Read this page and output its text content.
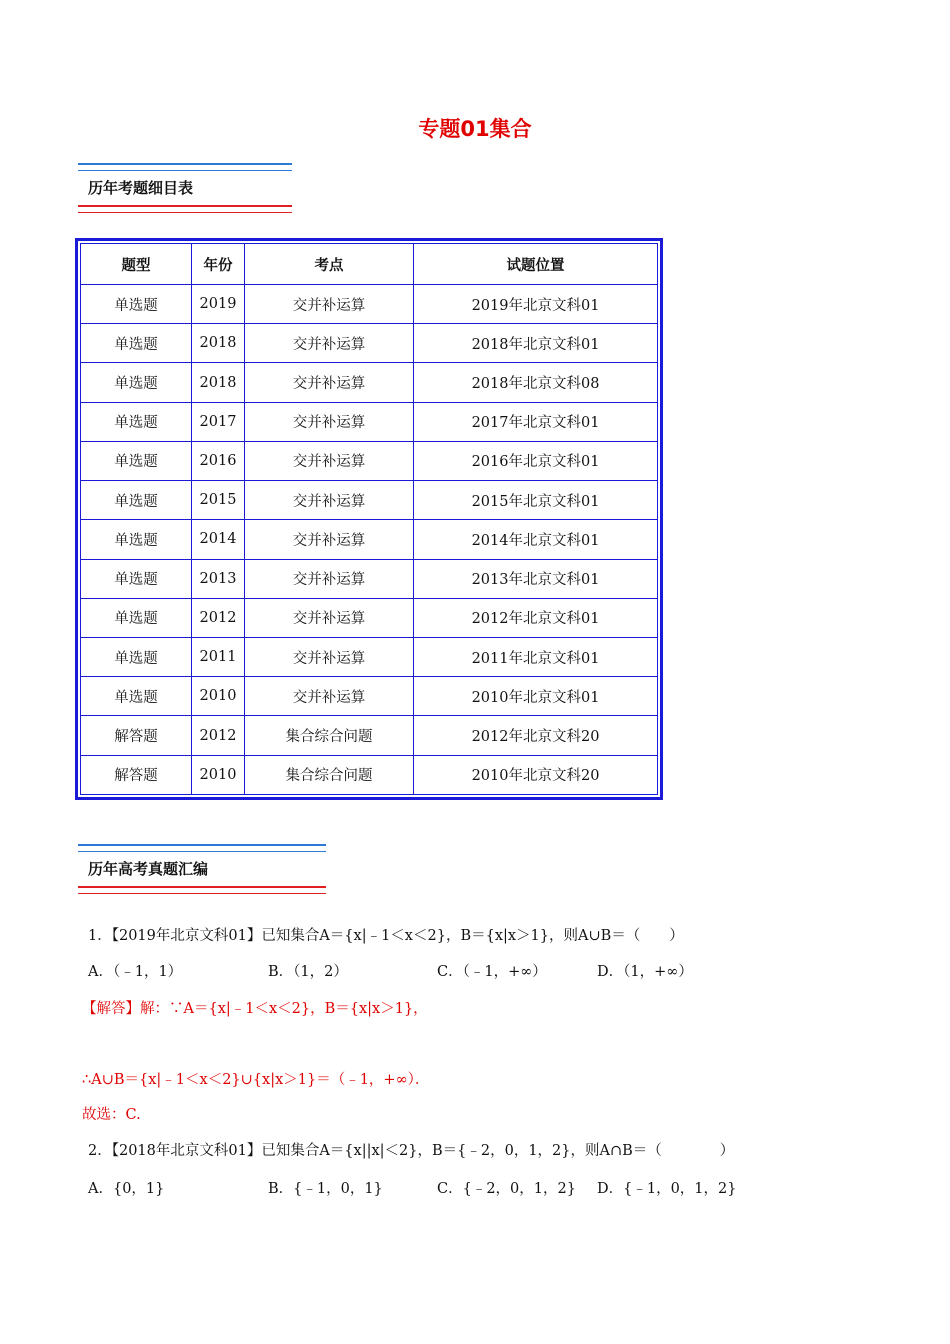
专题01集合
历年考题细目表
题型	年份	考点	试题位置
单选题	2019	交并补运算	2019年北京文科01
单选题	2018	交并补运算	2018年北京文科01
单选题	2018	交并补运算	2018年北京文科08
单选题	2017	交并补运算	2017年北京文科01
单选题	2016	交并补运算	2016年北京文科01
单选题	2015	交并补运算	2015年北京文科01
单选题	2014	交并补运算	2014年北京文科01
单选题	2013	交并补运算	2013年北京文科01
单选题	2012	交并补运算	2012年北京文科01
单选题	2011	交并补运算	2011年北京文科01
单选题	2010	交并补运算	2010年北京文科01
解答题	2012	集合综合问题	2012年北京文科20
解答题	2010	集合综合问题	2010年北京文科20
历年高考真题汇编
1．【2019年北京文科01】已知集合A＝{x|﹣1＜x＜2}，B＝{x|x＞1}，则A∪B＝（　　）
A．（﹣1，1）	B．（1，2）	C．（﹣1，+∞）	D．（1，+∞）
【解答】解：∵A＝{x|﹣1＜x＜2}，B＝{x|x＞1}，
∴A∪B＝{x|﹣1＜x＜2}∪{x|x＞1}＝（﹣1，+∞）．
故选：C.
2．【2018年北京文科01】已知集合A＝{x||x|＜2}，B＝{﹣2，0，1，2}，则A∩B＝（　　　　）
A．{0，1}	B．{﹣1，0，1}	C．{﹣2，0，1，2} D．{﹣1，0，1，2}
